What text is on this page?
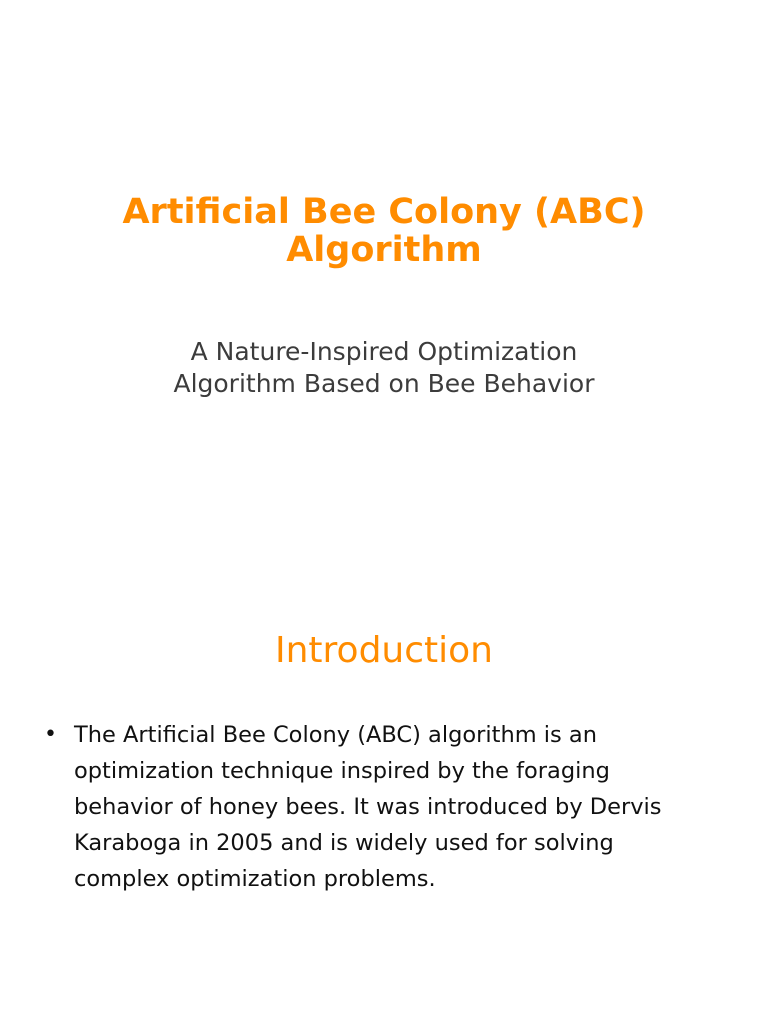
Artificial Bee Colony (ABC)
Algorithm

A Nature-Inspired Optimization
Algorithm Based on Bee Behavior

Introduction
• The Artificial Bee Colony (ABC) algorithm is an
optimization technique inspired by the foraging
behavior of honey bees. It was introduced by Dervis
Karaboga in 2005 and is widely used for solving
complex optimization problems.
